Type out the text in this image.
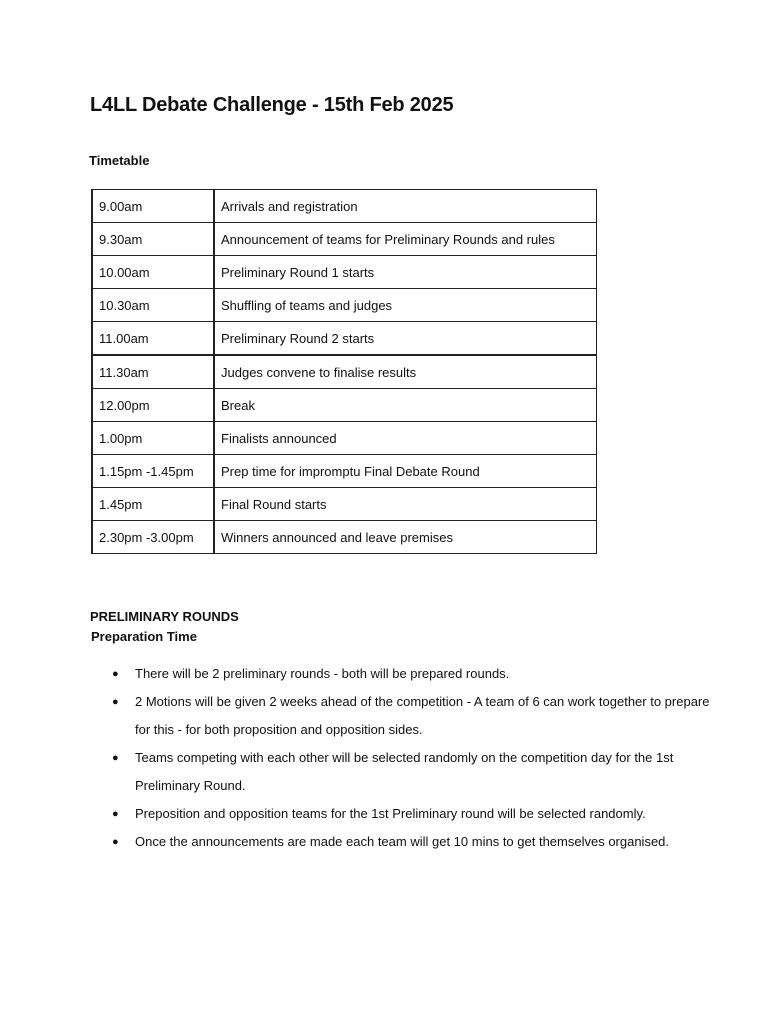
L4LL Debate Challenge - 15th Feb 2025

Timetable

9.00am	Arrivals and registration
9.30am	Announcement of teams for Preliminary Rounds and rules
10.00am	Preliminary Round 1 starts
10.30am	Shuffling of teams and judges
11.00am	Preliminary Round 2 starts
11.30am	Judges convene to finalise results
12.00pm	Break
1.00pm	Finalists announced
1.15pm -1.45pm	Prep time for impromptu Final Debate Round
1.45pm	Final Round starts
2.30pm -3.00pm	Winners announced and leave premises

PRELIMINARY ROUNDS

Preparation Time

● There will be 2 preliminary rounds - both will be prepared rounds.
● 2 Motions will be given 2 weeks ahead of the competition - A team of 6 can work together to prepare for this - for both proposition and opposition sides.
● Teams competing with each other will be selected randomly on the competition day for the 1st Preliminary Round.
● Preposition and opposition teams for the 1st Preliminary round will be selected randomly.
● Once the announcements are made each team will get 10 mins to get themselves organised.
